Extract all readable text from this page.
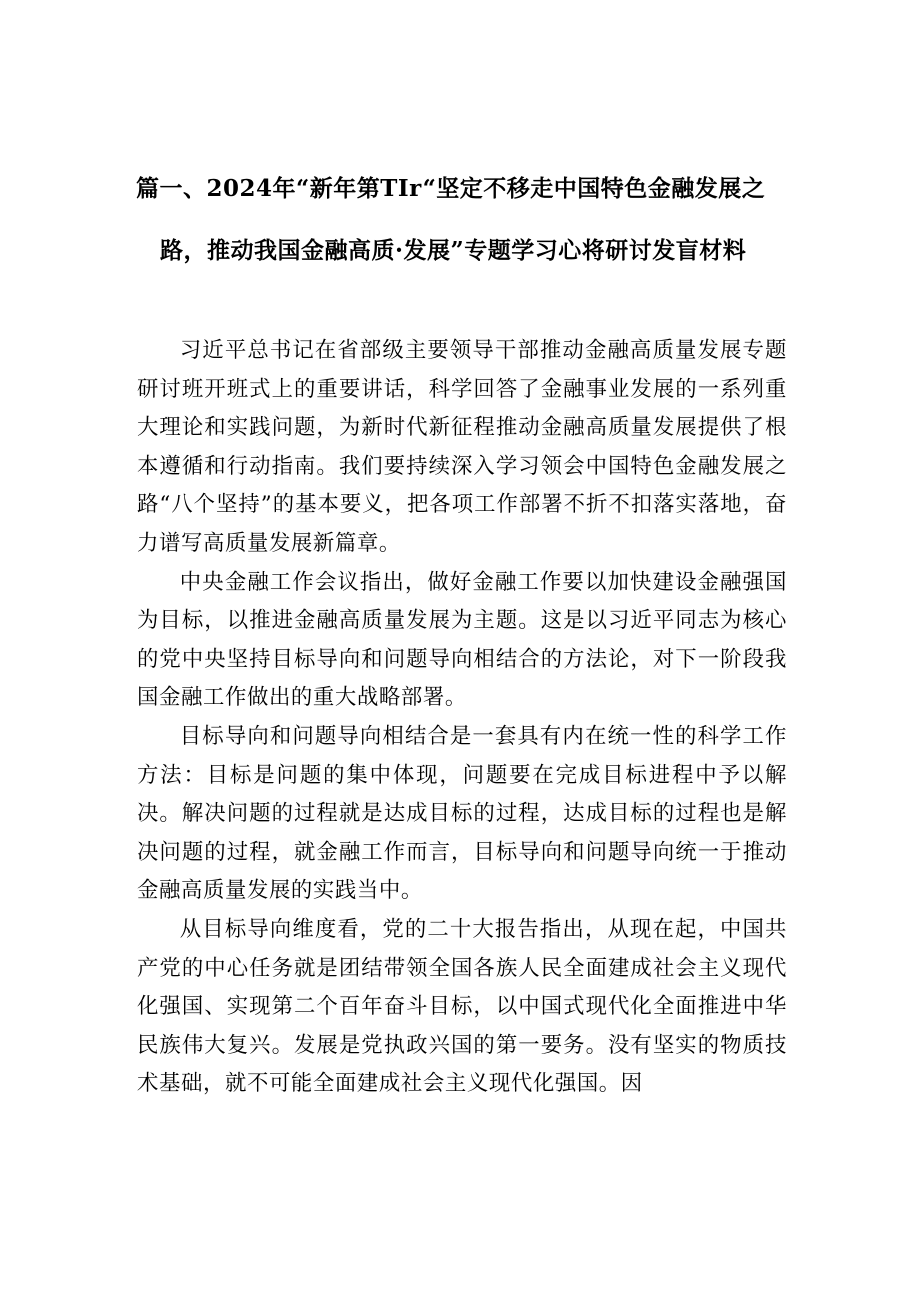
篇一、2024年“新年第TIr“坚定不移走中国特色金融发展之
路，推动我国金融高质·发展”专题学习心将研讨发盲材料

习近平总书记在省部级主要领导干部推动金融高质量发展专题研讨班开班式上的重要讲话，科学回答了金融事业发展的一系列重大理论和实践问题，为新时代新征程推动金融高质量发展提供了根本遵循和行动指南。我们要持续深入学习领会中国特色金融发展之路“八个坚持”的基本要义，把各项工作部署不折不扣落实落地，奋力谱写高质量发展新篇章。

中央金融工作会议指出，做好金融工作要以加快建设金融强国为目标，以推进金融高质量发展为主题。这是以习近平同志为核心的党中央坚持目标导向和问题导向相结合的方法论，对下一阶段我国金融工作做出的重大战略部署。

目标导向和问题导向相结合是一套具有内在统一性的科学工作方法：目标是问题的集中体现，问题要在完成目标进程中予以解决。解决问题的过程就是达成目标的过程，达成目标的过程也是解决问题的过程，就金融工作而言，目标导向和问题导向统一于推动金融高质量发展的实践当中。

从目标导向维度看，党的二十大报告指出，从现在起，中国共产党的中心任务就是团结带领全国各族人民全面建成社会主义现代化强国、实现第二个百年奋斗目标，以中国式现代化全面推进中华民族伟大复兴。发展是党执政兴国的第一要务。没有坚实的物质技术基础，就不可能全面建成社会主义现代化强国。因
